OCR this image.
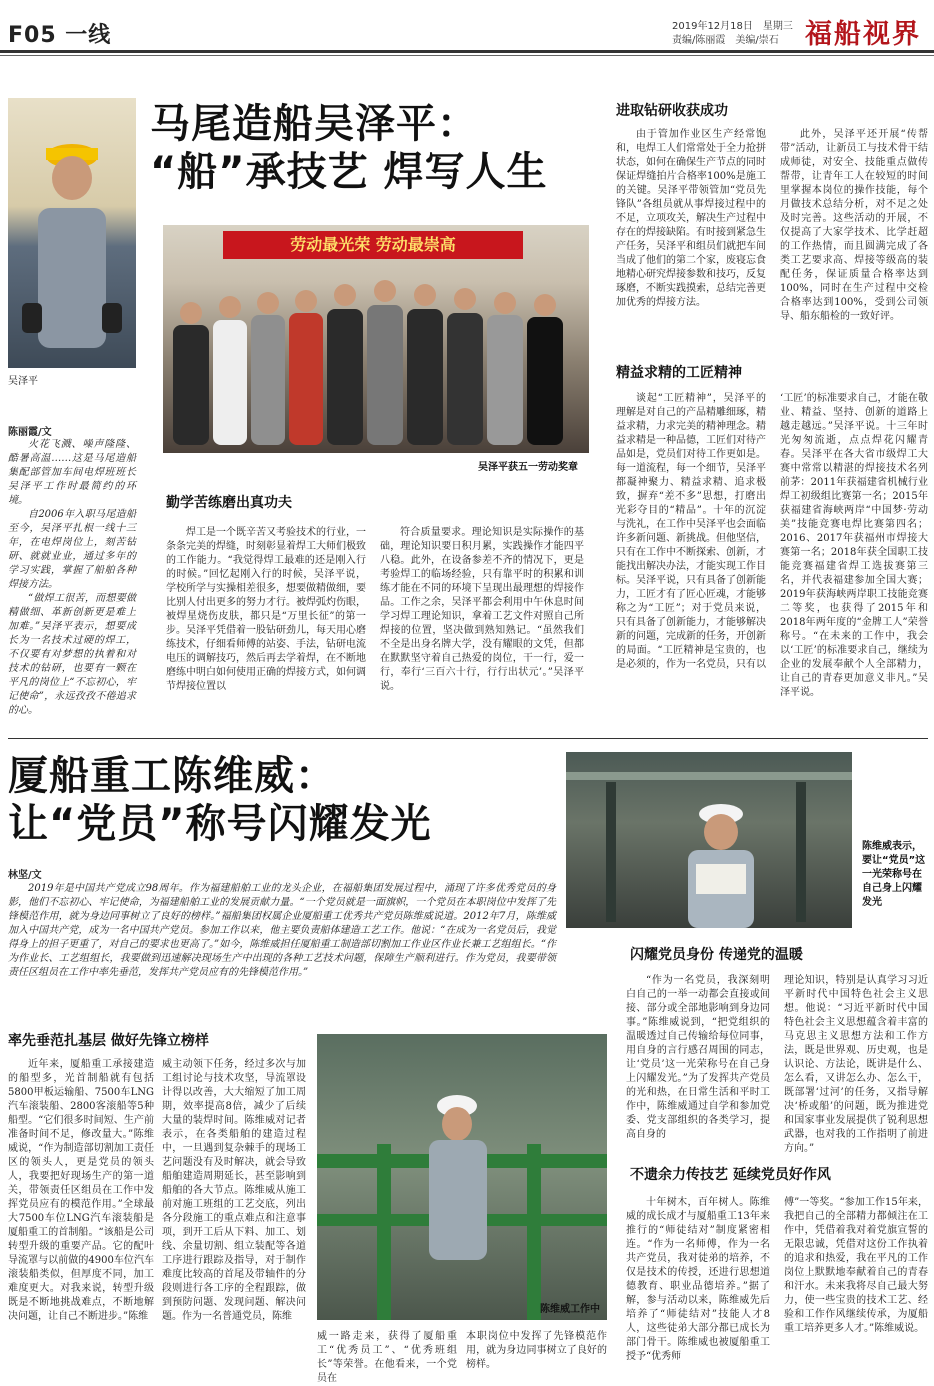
F05 一线	2019年12月18日　星期三
责编/陈丽霞　美编/崇石 福船视界
吴泽平
马尾造船吴泽平：
“船”承技艺 焊写人生
陈丽霞/文

火花飞溅、噪声隆隆、酷暑高温……这是马尾造船集配部管加车间电焊班班长吴泽平工作时最简约的环境。

自2006年入职马尾造船至今，吴泽平扎根一线十三年，在电焊岗位上，刻苦钻研、就就业业，通过多年的学习实践，掌握了船舶各种焊接方法。

“做焊工很苦，而想要做精做细、革新创新更是难上加难。”吴泽平表示，想要成长为一名技术过硬的焊工，不仅要有对梦想的执着和对技术的钻研，也要有一颗在平凡的岗位上“不忘初心，牢记使命”，永远孜孜不倦追求的心。

劳动最光荣 劳动最崇高
吴泽平获五一劳动奖章
勤学苦练磨出真功夫
焊工是一个既辛苦又考验技术的行业，一条条完美的焊缝，时刻彰显着焊工大师们极致的工作能力。“我觉得焊工最难的还是刚入行的时候。”回忆起刚入行的时候，吴泽平说，学校所学与实操相差很多，想要做精做细，要比别人付出更多的努力才行。被焊弧灼伤眼，被焊星烧伤皮肤，都只是“万里长征”的第一步。吴泽平凭借着一股钻研劲儿，每天用心磨练技术，仔细看师傅的站姿、手法，钻研电流电压的调解技巧，然后再去学着焊，在不断地磨练中明白如何使用正确的焊接方式，如何调节焊接位置以
符合质量要求。理论知识是实际操作的基础，理论知识要日积月累，实践操作才能四平八稳。此外，在设备参差不齐的情况下，更是考验焊工的临场经验，只有靠平时的积累和训练才能在不同的环境下呈现出最理想的焊接作品。工作之余，吴泽平都会利用中午休息时间学习焊工理论知识，拿着工艺文件对照自己所焊接的位置，坚决做到熟知熟记。“虽然我们不全是出身名牌大学，没有耀眼的文凭，但都在默默坚守着自己热爱的岗位，干一行，爱一行，奉行‘三百六十行，行行出状元’。”吴泽平说。
进取钻研收获成功
由于管加作业区生产经常饱和，电焊工人们常常处于全力抢拼状态，如何在确保生产节点的同时保证焊缝拍片合格率100%是施工的关键。吴泽平带领管加“党员先锋队”各组员就从事焊接过程中的不足，立项攻关，解决生产过程中存在的焊接缺陷。有时接到紧急生产任务，吴泽平和组员们就把车间当成了他们的第二个家，废寝忘食地精心研究焊接参数和技巧，反复琢磨，不断实践摸索，总结完善更加优秀的焊接方法。
此外，吴泽平还开展“传帮带”活动，让新员工与技术骨干结成师徒，对安全、技能重点做传帮带，让青年工人在较短的时间里掌握本岗位的操作技能，每个月做技术总结分析，对不足之处及时完善。这些活动的开展，不仅提高了大家学技术、比学赶超的工作热情，而且圆满完成了各类工艺要求高、焊接等级高的装配任务，保证质量合格率达到100%，同时在生产过程中交检合格率达到100%，受到公司领导、船东船检的一致好评。
精益求精的工匠精神
谈起“工匠精神”，吴泽平的理解是对自己的产品精雕细琢，精益求精，力求完美的精神理念。精益求精是一种品德，工匠们对待产品如是，党员们对待工作更如是。每一道流程，每一个细节，吴泽平都凝神聚力、精益求精、追求极致，摒弃“差不多”思想，打磨出光彩夺目的“精品”。十年的沉淀与洗礼，在工作中吴泽平也会面临许多新问题、新挑战。但他坚信，只有在工作中不断探索、创新，才能找出解决办法，才能实现工作目标。吴泽平说，只有具备了创新能力，工匠才有了匠心匠魂，才能够称之为“工匠”；对于党员来说，只有具备了创新能力，才能够解决新的问题，完成新的任务，开创新的局面。“工匠精神是宝贵的，也是必须的，作为一名党员，只有以
‘工匠’的标准要求自己，才能在敬业、精益、坚持、创新的道路上越走越远。”吴泽平说。十三年时光匆匆流逝，点点焊花闪耀青春。吴泽平在各大省市级焊工大赛中常常以精湛的焊接技术名列前茅：2011年获福建省机械行业焊工初级组比赛第一名；2015年获福建省海峡两岸“中国梦·劳动美”技能竞赛电焊比赛第四名；2016、2017年获福州市焊接大赛第一名；2018年获全国职工技能竞赛福建省焊工选拔赛第三名，并代表福建参加全国大赛；2019年获海峡两岸职工技能竞赛二等奖，也获得了2015年和2018年两年度的“金牌工人”荣誉称号。“在未来的工作中，我会以‘工匠’的标准要求自己，继续为企业的发展奉献个人全部精力，让自己的青春更加意义非凡。”吴泽平说。
厦船重工陈维威：
让“党员”称号闪耀发光	陈维威表示，要让“党员”这一光荣称号在自己身上闪耀发光
林坚/文
2019年是中国共产党成立98周年。作为福建船舶工业的龙头企业，在福船集团发展过程中，涌现了许多优秀党员的身影，他们不忘初心、牢记使命，为福建船舶工业的发展贡献力量。“一个党员就是一面旗帜，一个党员在本职岗位中发挥了先锋模范作用，就为身边同事树立了良好的榜样。”福船集团权属企业厦船重工优秀共产党员陈维威说道。2012年7月，陈维威加入中国共产党，成为一名中国共产党员。参加工作以来，他主要负责船体建造工艺工作。他说：“在成为一名党员后，我觉得身上的担子更重了，对自己的要求也更高了。”如今，陈维威担任厦船重工制造部切割加工作业区作业长兼工艺组组长。“作为作业长、工艺组组长，我要做到迅速解决现场生产中出现的各种工艺技术问题，保障生产顺利进行。作为党员，我要带领责任区组员在工作中率先垂范，发挥共产党员应有的先锋模范作用。”
率先垂范扎基层 做好先锋立榜样
近年来，厦船重工承接建造的船型多，光首制船就有包括5800甲板运输船、7500车LNG汽车滚装船、2800客滚船等5种船型。“它们很多时间短、生产前准备时间不足，修改量大。”陈维威说，“作为制造部切割加工责任区的领头人，更是党员的领头人，我要把好现场生产的第一道关，带领责任区组员在工作中发挥党员应有的模范作用。”全球最大7500车位LNG汽车滚装船是厦船重工的首制船。“该船是公司转型升级的重要产品。它的配叶导流罩与以前做的4900车位汽车滚装船类似，但厚度不同，加工难度更大。对我来说，转型升级既是不断地挑战难点，不断地解决问题，让自己不断进步。”陈维
威主动领下任务，经过多次与加工组讨论与技术攻坚，导流罩设计得以改善，大大缩短了加工周期，效率提高8倍，减少了后续大量的装焊时间。陈维威对记者表示，在各类船舶的建造过程中，一旦遇到复杂棘手的现场工艺问题没有及时解决，就会导致船舶建造周期延长，甚至影响到船舶的各大节点。陈维威从施工前对施工班组的工艺交底，列出各分段施工的重点难点和注意事项，到开工后从下料、加工、划线、余量切割、组立装配等各道工序进行跟踪及指导，对于制作难度比较高的首尾及带轴件的分段则进行各工序的全程跟踪，做到预防问题、发现问题、解决问题。作为一名普通党员，陈维
陈维威工作中
威一路走来，获得了厦船重工“优秀员工”、“优秀班组长”等荣誉。在他看来，一个党员在
本职岗位中发挥了先锋模范作用，就为身边同事树立了良好的榜样。
闪耀党员身份 传递党的温暖
“作为一名党员，我深刻明白自己的一举一动都会直接或间接、部分或全部地影响到身边同事。”陈维威说到，“把党组织的温暖透过自己传输给每位同事，用自身的言行感召周围的同志，让‘党员’这一光荣称号在自己身上闪耀发光。”为了发挥共产党员的光和热，在日常生活和平时工作中，陈维威通过自学和参加党委、党支部组织的各类学习，提高自身的
理论知识，特别是认真学习习近平新时代中国特色社会主义思想。他说：“习近平新时代中国特色社会主义思想蕴含着丰富的马克思主义思想方法和工作方法，既是世界观、历史观，也是认识论、方法论，既讲是什么、怎么看，又讲怎么办、怎么干，既部署‘过河’的任务，又指导解决‘桥或船’的问题，既为推进党和国家事业发展提供了锐利思想武器，也对我的工作指明了前进方向。”
不遗余力传技艺 延续党员好作风
十年树木，百年树人。陈维威的成长成才与厦船重工13年来推行的“师徒结对”制度紧密相连。“作为一名师傅，作为一名共产党员，我对徒弟的培养，不仅是技术的传授，还进行思想道德教育、职业品德培养。”据了解，参与活动以来，陈维威先后培养了“师徒结对”技能人才8人，这些徒弟大部分都已成长为部门骨干。陈维威也被厦船重工授予“优秀师
傅”一等奖。“参加工作15年来，我把自己的全部精力都倾注在工作中，凭借着我对着党旗宣誓的无限忠诚，凭借对这份工作执着的追求和热爱，我在平凡的工作岗位上默默地奉献着自己的青春和汗水。未来我将尽自己最大努力，使一些宝贵的技术工艺、经验和工作作风继续传承，为厦船重工培养更多人才。”陈维威说。
